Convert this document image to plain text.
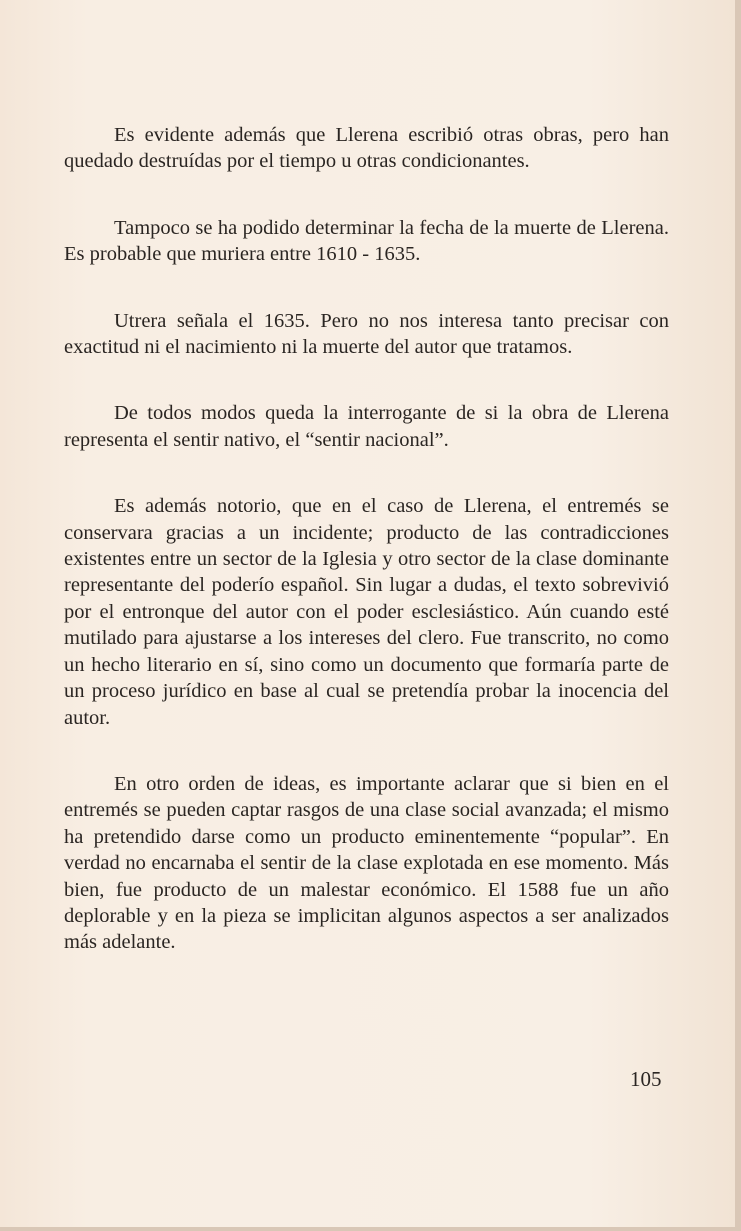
Es evidente además que Llerena escribió otras obras, pero han quedado destruídas por el tiempo u otras condicionantes.

Tampoco se ha podido determinar la fecha de la muerte de Llerena. Es probable que muriera entre 1610 - 1635.

Utrera señala el 1635. Pero no nos interesa tanto precisar con exactitud ni el nacimiento ni la muerte del autor que tratamos.

De todos modos queda la interrogante de si la obra de Llerena representa el sentir nativo, el “sentir nacional”.

Es además notorio, que en el caso de Llerena, el entremés se conservara gracias a un incidente; producto de las contradicciones existentes entre un sector de la Iglesia y otro sector de la clase dominante representante del poderío español. Sin lugar a dudas, el texto sobrevivió por el entronque del autor con el poder esclesiástico. Aún cuando esté mutilado para ajustarse a los intereses del clero. Fue transcrito, no como un hecho literario en sí, sino como un documento que formaría parte de un proceso jurídico en base al cual se pretendía probar la inocencia del autor.

En otro orden de ideas, es importante aclarar que si bien en el entremés se pueden captar rasgos de una clase social avanzada; el mismo ha pretendido darse como un producto eminentemente “popular”. En verdad no encarnaba el sentir de la clase explotada en ese momento. Más bien, fue producto de un malestar económico. El 1588 fue un año deplorable y en la pieza se implicitan algunos aspectos a ser analizados más adelante.

105
